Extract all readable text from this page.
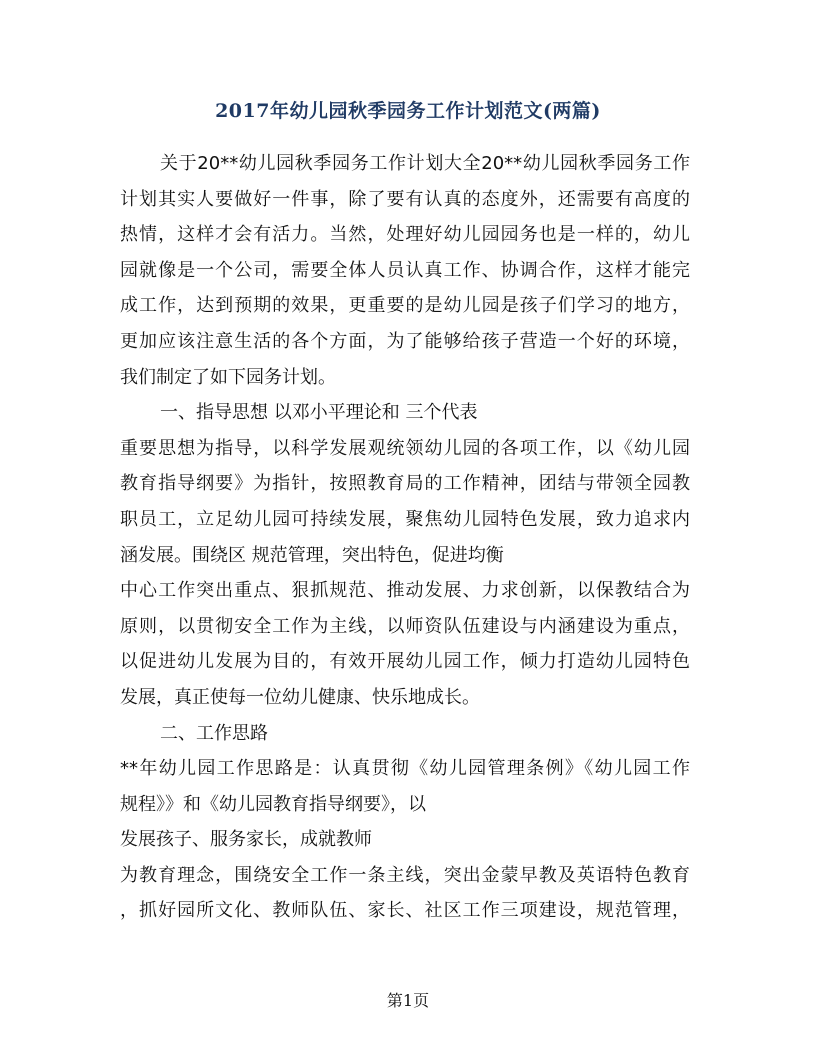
2017年幼儿园秋季园务工作计划范文(两篇)
关于20**幼儿园秋季园务工作计划大全20**幼儿园秋季园务工作
计划其实人要做好一件事，除了要有认真的态度外，还需要有高度的
热情，这样才会有活力。当然，处理好幼儿园园务也是一样的，幼儿
园就像是一个公司，需要全体人员认真工作、协调合作，这样才能完
成工作，达到预期的效果，更重要的是幼儿园是孩子们学习的地方，
更加应该注意生活的各个方面，为了能够给孩子营造一个好的环境，
我们制定了如下园务计划。
一、指导思想 以邓小平理论和 三个代表
重要思想为指导，以科学发展观统领幼儿园的各项工作，以《幼儿园
教育指导纲要》为指针，按照教育局的工作精神，团结与带领全园教
职员工，立足幼儿园可持续发展，聚焦幼儿园特色发展，致力追求内
涵发展。围绕区 规范管理，突出特色，促进均衡
中心工作突出重点、狠抓规范、推动发展、力求创新，以保教结合为
原则，以贯彻安全工作为主线，以师资队伍建设与内涵建设为重点，
以促进幼儿发展为目的，有效开展幼儿园工作，倾力打造幼儿园特色
发展，真正使每一位幼儿健康、快乐地成长。
二、工作思路
**年幼儿园工作思路是：认真贯彻《幼儿园管理条例》《幼儿园工作
规程》》和《幼儿园教育指导纲要》，以
发展孩子、服务家长，成就教师
为教育理念，围绕安全工作一条主线，突出金蒙早教及英语特色教育
，抓好园所文化、教师队伍、家长、社区工作三项建设，规范管理，
第1页
